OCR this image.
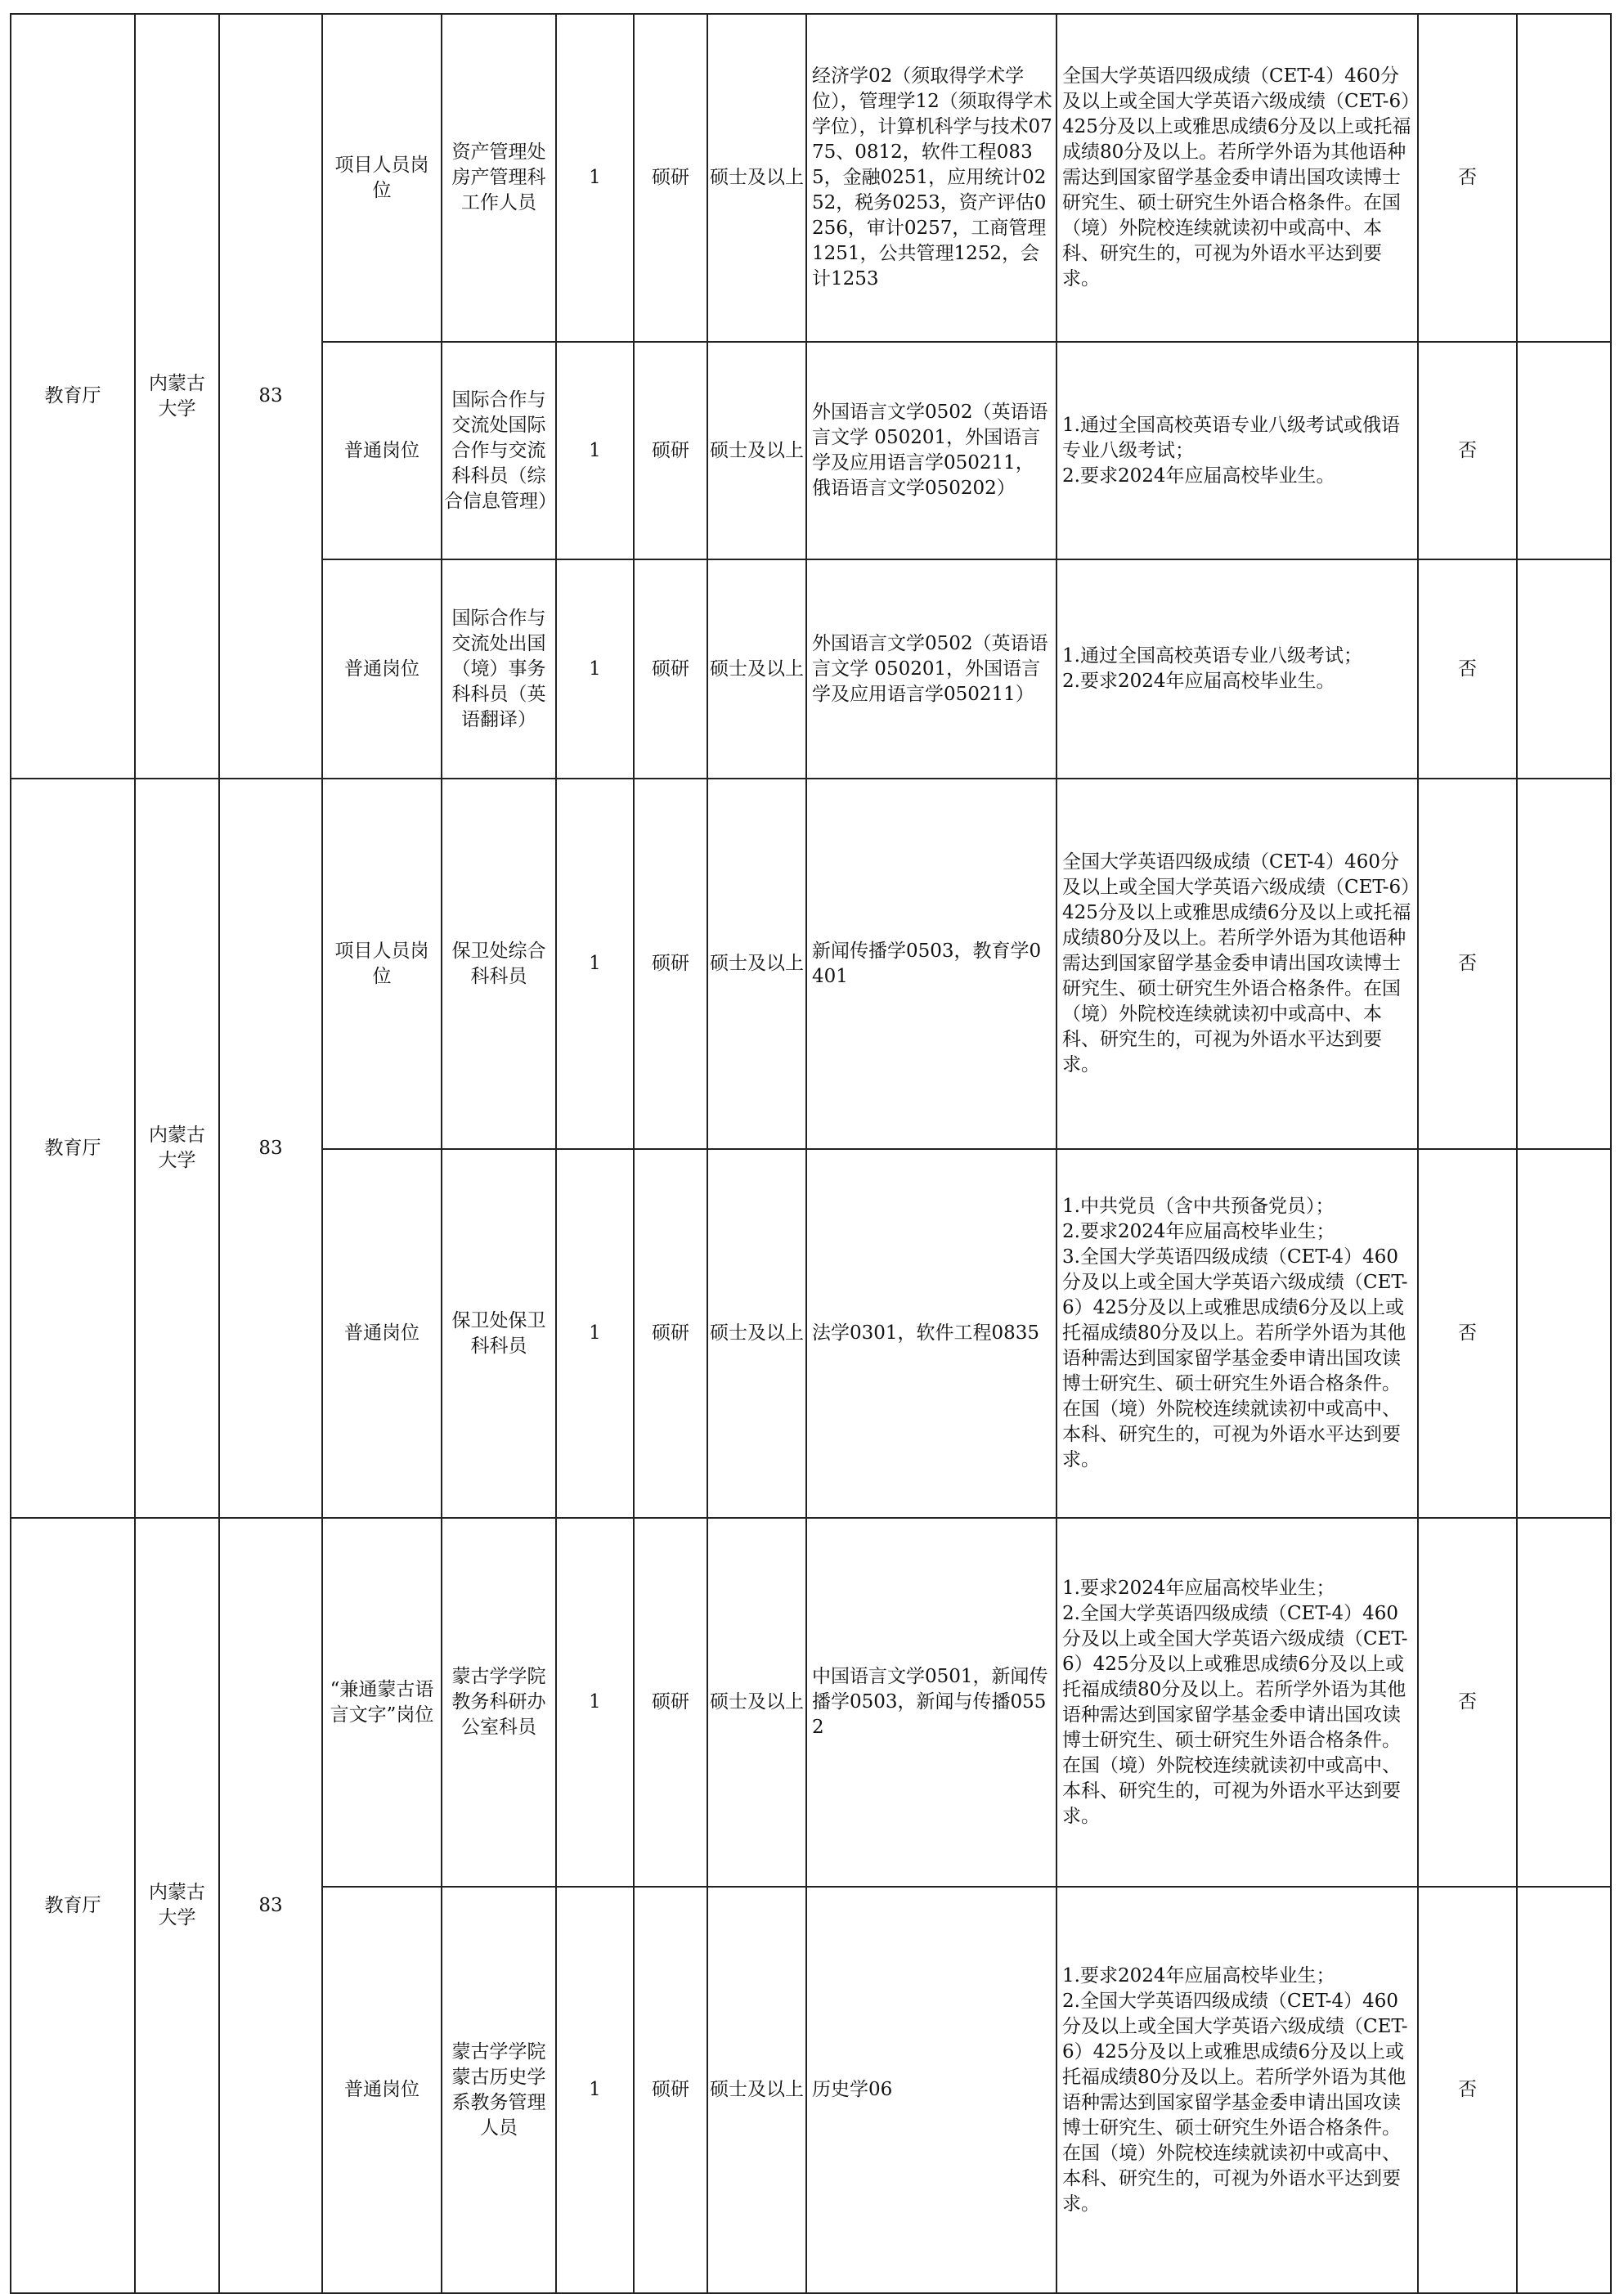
教育厅	内蒙古大学	83	项目人员岗位	资产管理处房产管理科工作人员	1	硕研	硕士及以上	经济学02（须取得学术学位），管理学12（须取得学术学位），计算机科学与技术0775、0812，软件工程0835，金融0251，应用统计0252，税务0253，资产评估0256，审计0257，工商管理1251，公共管理1252，会计1253	全国大学英语四级成绩（CET-4）460分及以上或全国大学英语六级成绩（CET-6）425分及以上或雅思成绩6分及以上或托福成绩80分及以上。若所学外语为其他语种需达到国家留学基金委申请出国攻读博士研究生、硕士研究生外语合格条件。在国（境）外院校连续就读初中或高中、本科、研究生的，可视为外语水平达到要求。	否	
			普通岗位	国际合作与交流处国际合作与交流科科员（综合信息管理）	1	硕研	硕士及以上	外国语言文学0502（英语语言文学 050201，外国语言学及应用语言学050211，俄语语言文学050202）	1.通过全国高校英语专业八级考试或俄语专业八级考试；
2.要求2024年应届高校毕业生。	否	
			普通岗位	国际合作与交流处出国（境）事务科科员（英语翻译）	1	硕研	硕士及以上	外国语言文学0502（英语语言文学 050201，外国语言学及应用语言学050211）	1.通过全国高校英语专业八级考试；
2.要求2024年应届高校毕业生。	否	
教育厅	内蒙古大学	83	项目人员岗位	保卫处综合科科员	1	硕研	硕士及以上	新闻传播学0503，教育学0401	全国大学英语四级成绩（CET-4）460分及以上或全国大学英语六级成绩（CET-6）425分及以上或雅思成绩6分及以上或托福成绩80分及以上。若所学外语为其他语种需达到国家留学基金委申请出国攻读博士研究生、硕士研究生外语合格条件。在国（境）外院校连续就读初中或高中、本科、研究生的，可视为外语水平达到要求。	否	
			普通岗位	保卫处保卫科科员	1	硕研	硕士及以上	法学0301，软件工程0835	1.中共党员（含中共预备党员）；
2.要求2024年应届高校毕业生；
3.全国大学英语四级成绩（CET-4）460分及以上或全国大学英语六级成绩（CET-6）425分及以上或雅思成绩6分及以上或托福成绩80分及以上。若所学外语为其他语种需达到国家留学基金委申请出国攻读博士研究生、硕士研究生外语合格条件。在国（境）外院校连续就读初中或高中、本科、研究生的，可视为外语水平达到要求。	否	
教育厅	内蒙古大学	83	“兼通蒙古语言文字”岗位	蒙古学学院教务科研办公室科员	1	硕研	硕士及以上	中国语言文学0501，新闻传播学0503，新闻与传播0552	1.要求2024年应届高校毕业生；
2.全国大学英语四级成绩（CET-4）460分及以上或全国大学英语六级成绩（CET-6）425分及以上或雅思成绩6分及以上或托福成绩80分及以上。若所学外语为其他语种需达到国家留学基金委申请出国攻读博士研究生、硕士研究生外语合格条件。在国（境）外院校连续就读初中或高中、本科、研究生的，可视为外语水平达到要求。	否	
			普通岗位	蒙古学学院蒙古历史学系教务管理人员	1	硕研	硕士及以上	历史学06	1.要求2024年应届高校毕业生；
2.全国大学英语四级成绩（CET-4）460分及以上或全国大学英语六级成绩（CET-6）425分及以上或雅思成绩6分及以上或托福成绩80分及以上。若所学外语为其他语种需达到国家留学基金委申请出国攻读博士研究生、硕士研究生外语合格条件。在国（境）外院校连续就读初中或高中、本科、研究生的，可视为外语水平达到要求。	否	
